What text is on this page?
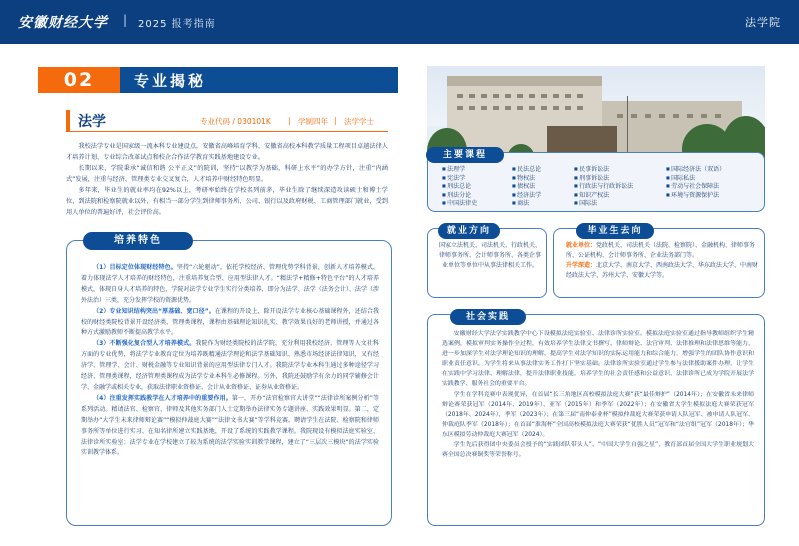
安徽财经大学 | 2025 报考指南	法学院
02	专业揭秘
法学	专业代码 / 030101K | 学制四年 | 法学学士

我校法学专业是国家级一流本科专业建设点，安徽省高峰培育学科，安徽省高校本科教学质量工程项目卓越法律人才培养计划、专业综合改革试点和校企合作法学教育实践基地建设专业。

长期以来，学院秉承“诚信和谐 公平正义”的院训，坚持“以教学为基础，科研上水平”的办学方针，注重“内涵式”发展，注重与经济、管理类专业交叉复合，人才培养中财经特色明显。

多年来，毕业生的就业率均在92%以上，考研率始终在学校名列前茅，毕业生除了继续深造攻读硕士和博士学位，到法院和检察院就业以外，有相当一部分学生到律师事务所、公司、银行以及政府财税、工商管理部门就业，受到用人单位的普遍好评，社会评价高。

培养特色

（1）目标定位体现财经特色。坚持“六轮驱动”，依托学校经济、管理优势学科背景，创新人才培养模式，着力体现法学人才培养的财经特色，注重培养复合型、应用型法律人才。“精法学+精修+特色平台”的人才培养模式，体现自身人才培养的特色，学院对法学专业学生实行分类培养，即分为法学、法学（法务会计）、法学（涉外法治）三类，充分发挥学校的资源优势。

（2）专业知识结构突出“厚基础、宽口径”。在课程的开设上，除开设法学专业核心基础课程外，还结合我校的财经类院校背景开设经济类、管理类课程，课程由基础理论知识扎实、教学效果良好的老师讲授，并通过各种方式激励教师不断提高教学水平。

（3）不断强化复合型人才培养模式。我院作为财经类院校的法学院，充分利用我校经济、管理等人文社科方面的专业优势，将法学专业教育定位为培养既精通法学理论和法学基础知识、熟悉市场经济法律知识，又有经济学、管理学、会计、财税金融等专业知识背景的应用型法律专门人才。我院法学专业本科生通过多种途径学习经济、管理类课程，经济管理类课程成为法学专业本科生必修课程。另外，我院还鼓励学有余力的同学辅修会计学、金融学或相关专业，获取法律职业资格证、会计从业资格证、证券从业资格证。

（4）注重发挥实践教学在人才培养中的重要作用。第一，开办“法官检察官大讲堂”“法律诊所案例分析”等系列活动。精请法官、检察官、律师及其他实务部门人士定期举办法律实务专题讲座，实践效果明显。第二，定期举办“大学生未来律师辩论赛”“模拟仲裁庭大赛”“法律文书大赛”等学科竞赛。聘请学生在法院、检察院和律师事务所等单位进行实习、在知名律所建立实践基地，开设了系统的实践教学课程。我院现设有模拟法庭实验室、法律诊所实验室；法学专业在学校建立了较为系统的法学实验实训教学课程，建立了“三层次三模块”的法学实验实训教学体系。

主要课程
■ 法理学
■ 宪法学
■ 刑法总论
■ 刑法分论
■ 中国法律史
■ 民法总论
■ 物权法
■ 债权法
■ 经济法学
■ 商法
■ 民事诉讼法
■ 刑事诉讼法
■ 行政法与行政诉讼法
■ 知识产权法
■ 国际法
■ 国际经济法（双语）
■ 国际私法
■ 劳动与社会保障法
■ 环境与资源保护法
就业方向
国家立法机关、司法机关、行政机关、律师事务所、会计师事务所、各类企事业单位等单位中从事法律相关工作。
毕业生去向
就业单位：党政机关、司法机关（法院、检察院）、金融机构、律师事务所、公证机构、会计师事务所、企业法务部门等。
升学深造：北京大学、南京大学、西南政法大学、华东政法大学、中南财经政法大学、苏州大学、安徽大学等。
社会实践

安徽财经大学法学实践教学中心下设模拟法庭实验室、法律诊所实验室。模拟法庭实验室通过指导教师组织学生精选案例，模拟审判实务操作全过程，有效培养学生法律文书撰写、律师辩论、法官审判、法律推理和法律思维等能力，进一步加深学生对法学理论知识的理解，提高学生对法学知识的实际运用能力和综合能力，增强学生的团队协作意识和职业责任意识，为学生将来从事法律实务工作打下坚实基础。法律诊所实验室通过学生参与法律援助案件办理，让学生在实践中学习法律、理解法律，提升法律职业技能，培养学生的社会责任感和公益意识，法律诊所已成为学院开展法学实践教学、服务社会的重要平台。

学生在学科竞赛中表现优异，在首届“长三角地区高校模拟法庭大赛”获“最佳辩护”（2014年）；在安徽省未来律师辩论赛荣获冠军（2014年、2019年）、亚军（2015年）和季军（2022年）；在安徽省大学生模拟法庭大赛荣获冠军（2018年、2024年），季军（2023年）；在第三届“南仲泰业杯”模拟仲裁庭大赛荣获申请人队冠军、被申请人队冠军、仲裁庭队季军（2018年）；在首届“淮海杯”全国高校模拟法庭大赛荣获“优胜人员”冠军和“法官组”冠军（2018年）；华东区模拟劳动仲裁庭大赛冠军（2024）。

学生先后获得团中央委员会授予的“实践团队带头人”、“中国大学生自强之星”，教育部首届全国大学生职业规划大赛全国总决赛铜奖等荣誉称号。
